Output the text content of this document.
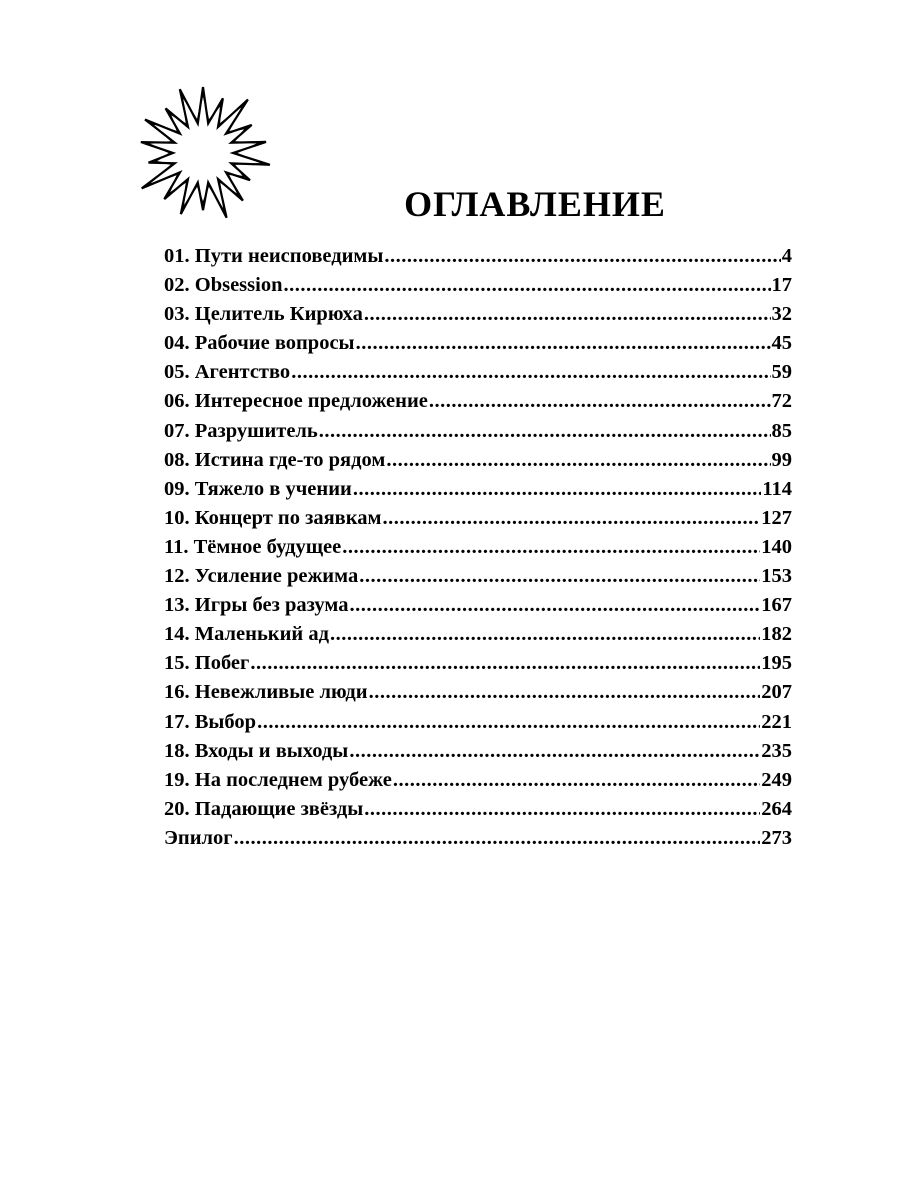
ОГЛАВЛЕНИЕ
01. Пути неисповедимы .....	4
02. Obsession .....	17
03. Целитель Кирюха .....	32
04. Рабочие вопросы .....	45
05. Агентство .....	59
06. Интересное предложение .....	72
07. Разрушитель .....	85
08. Истина где-то рядом .....	99
09. Тяжело в учении .....	114
10. Концерт по заявкам .....	127
11. Тёмное будущее .....	140
12. Усиление режима .....	153
13. Игры без разума .....	167
14. Маленький ад .....	182
15. Побег .....	195
16. Невежливые люди .....	207
17. Выбор .....	221
18. Входы и выходы .....	235
19. На последнем рубеже .....	249
20. Падающие звёзды .....	264
Эпилог .....	273
